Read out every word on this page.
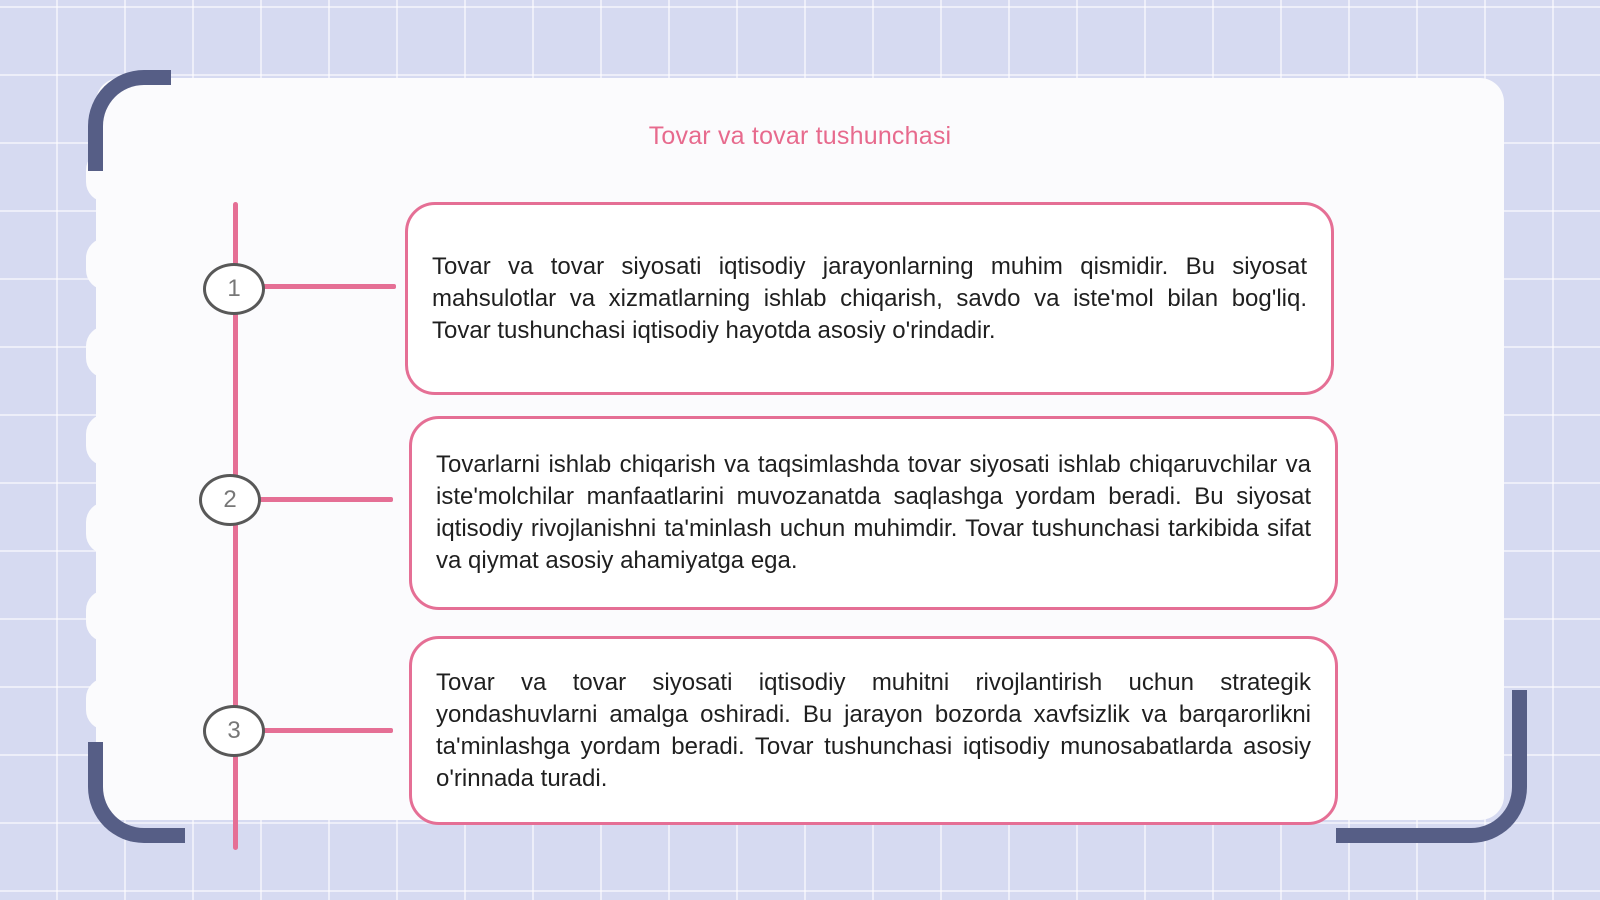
Tovar va tovar tushunchasi
1

Tovar va tovar siyosati iqtisodiy jarayonlarning muhim qismidir. Bu siyosat mahsulotlar va xizmatlarning ishlab chiqarish, savdo va iste'mol bilan bog'liq. Tovar tushunchasi iqtisodiy hayotda asosiy o'rindadir.

2

Tovarlarni ishlab chiqarish va taqsimlashda tovar siyosati ishlab chiqaruvchilar va iste'molchilar manfaatlarini muvozanatda saqlashga yordam beradi. Bu siyosat iqtisodiy rivojlanishni ta'minlash uchun muhimdir. Tovar tushunchasi tarkibida sifat va qiymat asosiy ahamiyatga ega.

3

Tovar va tovar siyosati iqtisodiy muhitni rivojlantirish uchun strategik yondashuvlarni amalga oshiradi. Bu jarayon bozorda xavfsizlik va barqarorlikni ta'minlashga yordam beradi. Tovar tushunchasi iqtisodiy munosabatlarda asosiy o'rinnada turadi.
